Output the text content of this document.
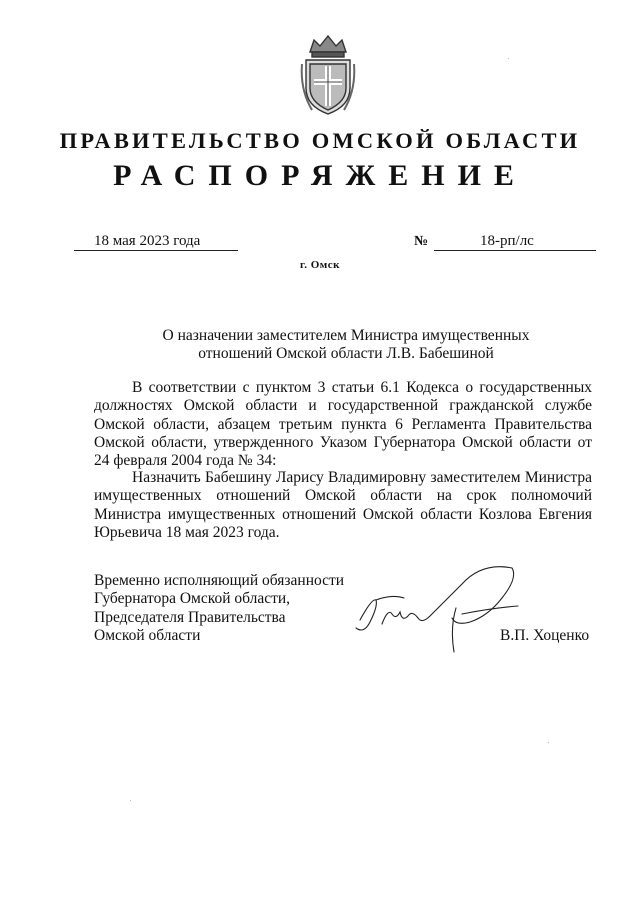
ПРАВИТЕЛЬСТВО ОМСКОЙ ОБЛАСТИ
РАСПОРЯЖЕНИЕ
18 мая 2023 года	№	18-рп/лс
г. Омск
О назначении заместителем Министра имущественных
отношений Омской области Л.В. Бабешиной
В соответствии с пунктом 3 статьи 6.1 Кодекса о государственных должностях Омской области и государственной гражданской службе Омской области, абзацем третьим пункта 6 Регламента Правительства Омской области, утвержденного Указом Губернатора Омской области от 24 февраля 2004 года № 34:
Назначить Бабешину Ларису Владимировну заместителем Министра имущественных отношений Омской области на срок полномочий Министра имущественных отношений Омской области Козлова Евгения Юрьевича 18 мая 2023 года.
Временно исполняющий обязанности
Губернатора Омской области,
Председателя Правительства
Омской области	В.П. Хоценко
